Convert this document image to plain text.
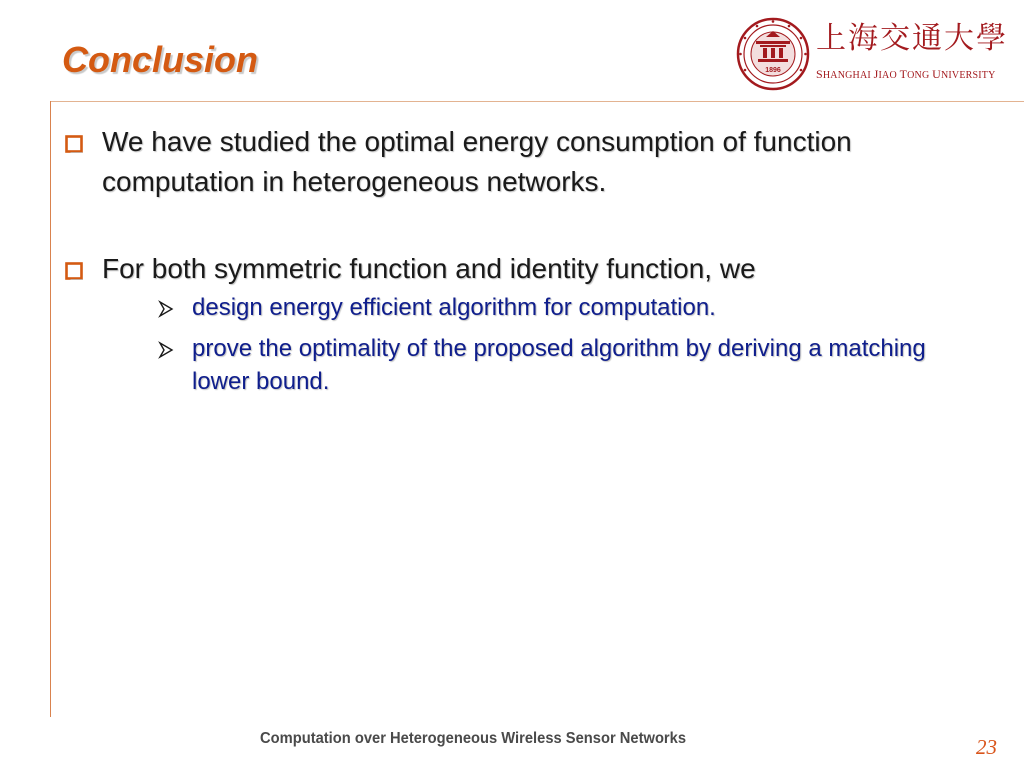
Conclusion	1896
上海交通大學
SHANGHAI JIAO TONG UNIVERSITY
We have studied the optimal energy consumption of function computation in heterogeneous networks.
For both symmetric function and identity function, we
design energy efficient algorithm for computation.
prove the optimality of the proposed algorithm by deriving a matching lower bound.
Computation over Heterogeneous Wireless Sensor Networks	23
